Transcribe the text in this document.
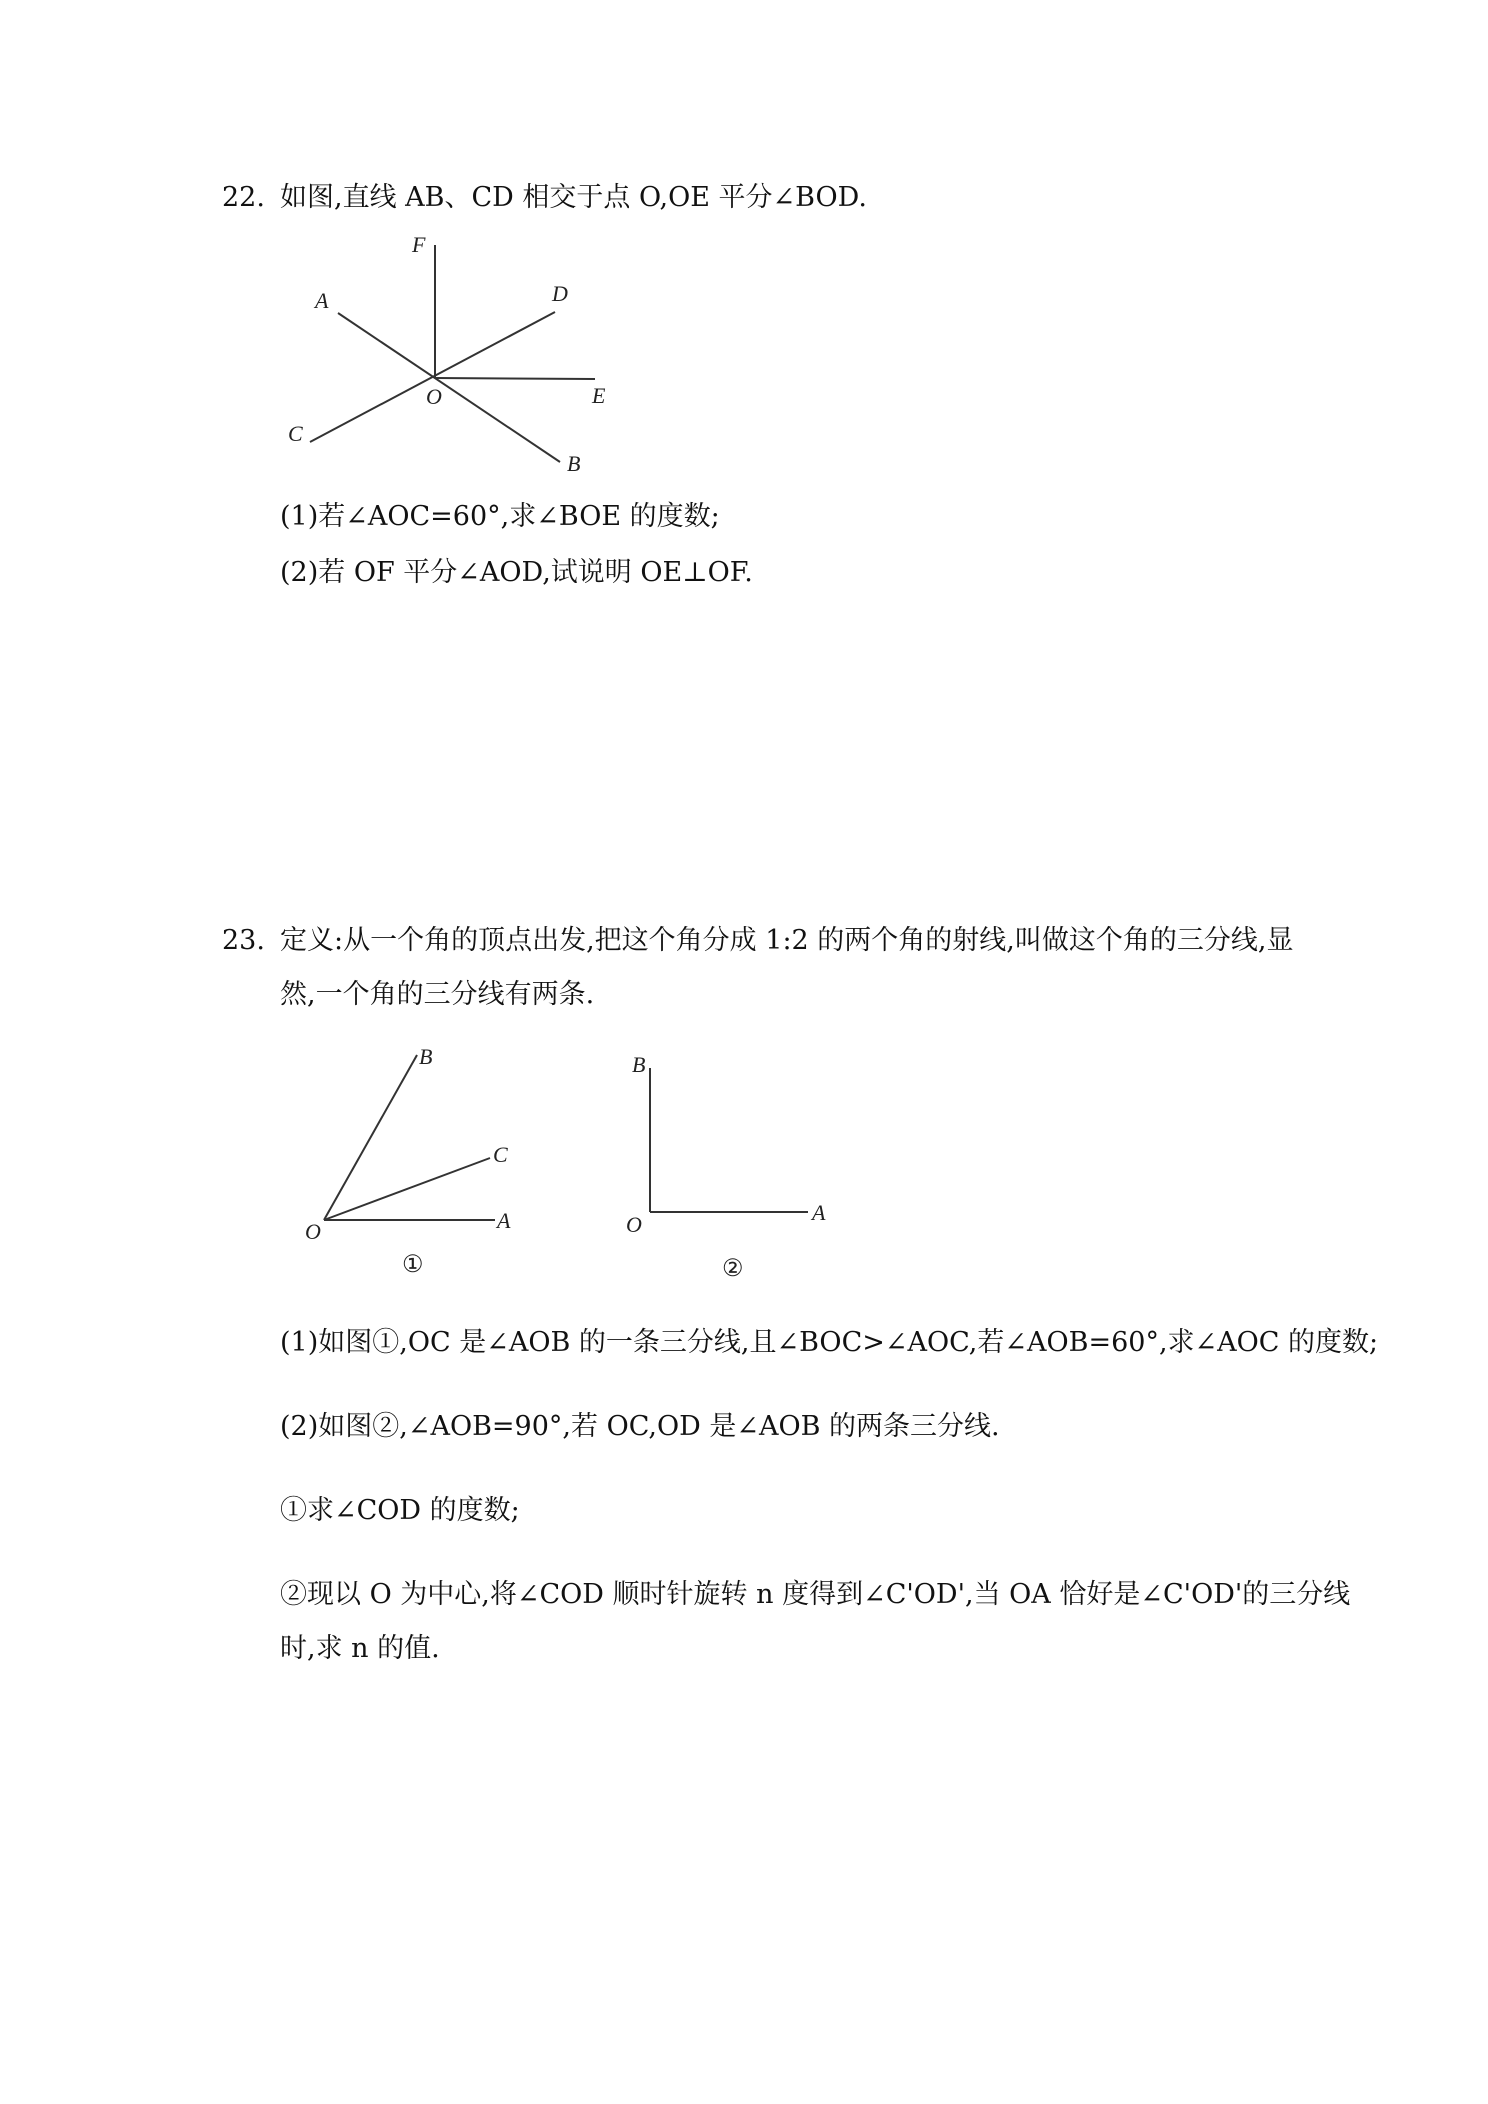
22. 如图,直线 AB、CD 相交于点 O,OE 平分∠BOD.
F
A	D
O	E
C
B
(1)若∠AOC=60°,求∠BOE 的度数;
(2)若 OF 平分∠AOD,试说明 OE⊥OF.
23. 定义:从一个角的顶点出发,把这个角分成 1:2 的两个角的射线,叫做这个角的三分线,显
然,一个角的三分线有两条.
B
C
O	A
①
B
O	A
②
(1)如图①,OC 是∠AOB 的一条三分线,且∠BOC>∠AOC,若∠AOB=60°,求∠AOC 的度数;
(2)如图②,∠AOB=90°,若 OC,OD 是∠AOB 的两条三分线.
①求∠COD 的度数;
②现以 O 为中心,将∠COD 顺时针旋转 n 度得到∠C'OD',当 OA 恰好是∠C'OD'的三分线
时,求 n 的值.
